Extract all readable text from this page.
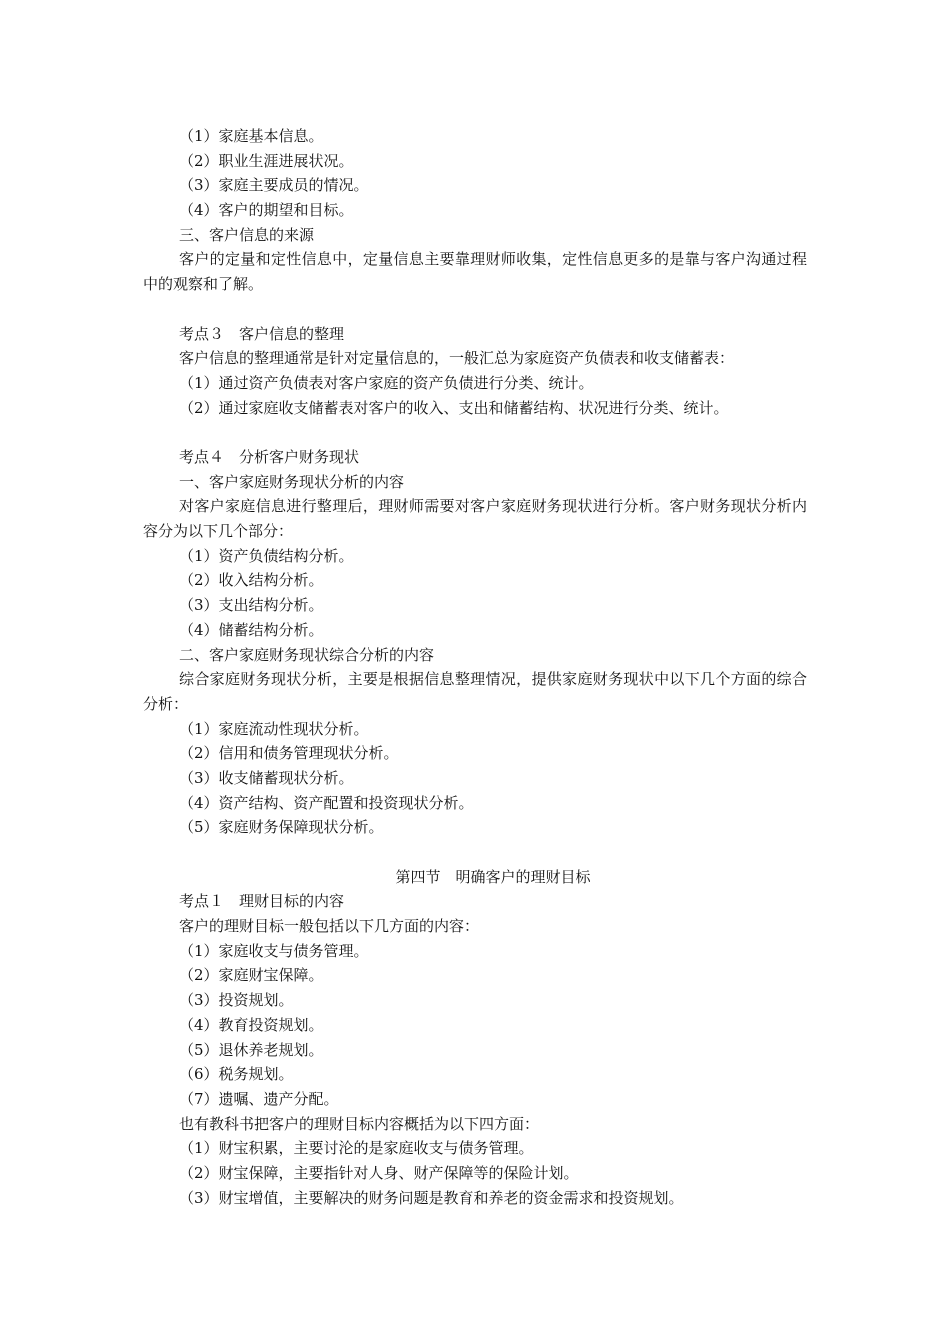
（1）家庭基本信息。
（2）职业生涯进展状况。
（3）家庭主要成员的情况。
（4）客户的期望和目标。
三、客户信息的来源
客户的定量和定性信息中，定量信息主要靠理财师收集，定性信息更多的是靠与客户沟通过程中的观察和了解。
考点３　客户信息的整理
客户信息的整理通常是针对定量信息的，一般汇总为家庭资产负债表和收支储蓄表：
（1）通过资产负债表对客户家庭的资产负债进行分类、统计。
（2）通过家庭收支储蓄表对客户的收入、支出和储蓄结构、状况进行分类、统计。
考点４　分析客户财务现状
一、客户家庭财务现状分析的内容
对客户家庭信息进行整理后，理财师需要对客户家庭财务现状进行分析。客户财务现状分析内容分为以下几个部分：
（1）资产负债结构分析。
（2）收入结构分析。
（3）支出结构分析。
（4）储蓄结构分析。
二、客户家庭财务现状综合分析的内容
综合家庭财务现状分析，主要是根据信息整理情况，提供家庭财务现状中以下几个方面的综合分析：
（1）家庭流动性现状分析。
（2）信用和债务管理现状分析。
（3）收支储蓄现状分析。
（4）资产结构、资产配置和投资现状分析。
（5）家庭财务保障现状分析。
第四节　明确客户的理财目标
考点１　理财目标的内容
客户的理财目标一般包括以下几方面的内容：
（1）家庭收支与债务管理。
（2）家庭财宝保障。
（3）投资规划。
（4）教育投资规划。
（5）退休养老规划。
（6）税务规划。
（7）遗嘱、遗产分配。
也有教科书把客户的理财目标内容概括为以下四方面：
（1）财宝积累，主要讨沦的是家庭收支与债务管理。
（2）财宝保障，主要指针对人身、财产保障等的保险计划。
（3）财宝增值，主要解决的财务问题是教育和养老的资金需求和投资规划。
